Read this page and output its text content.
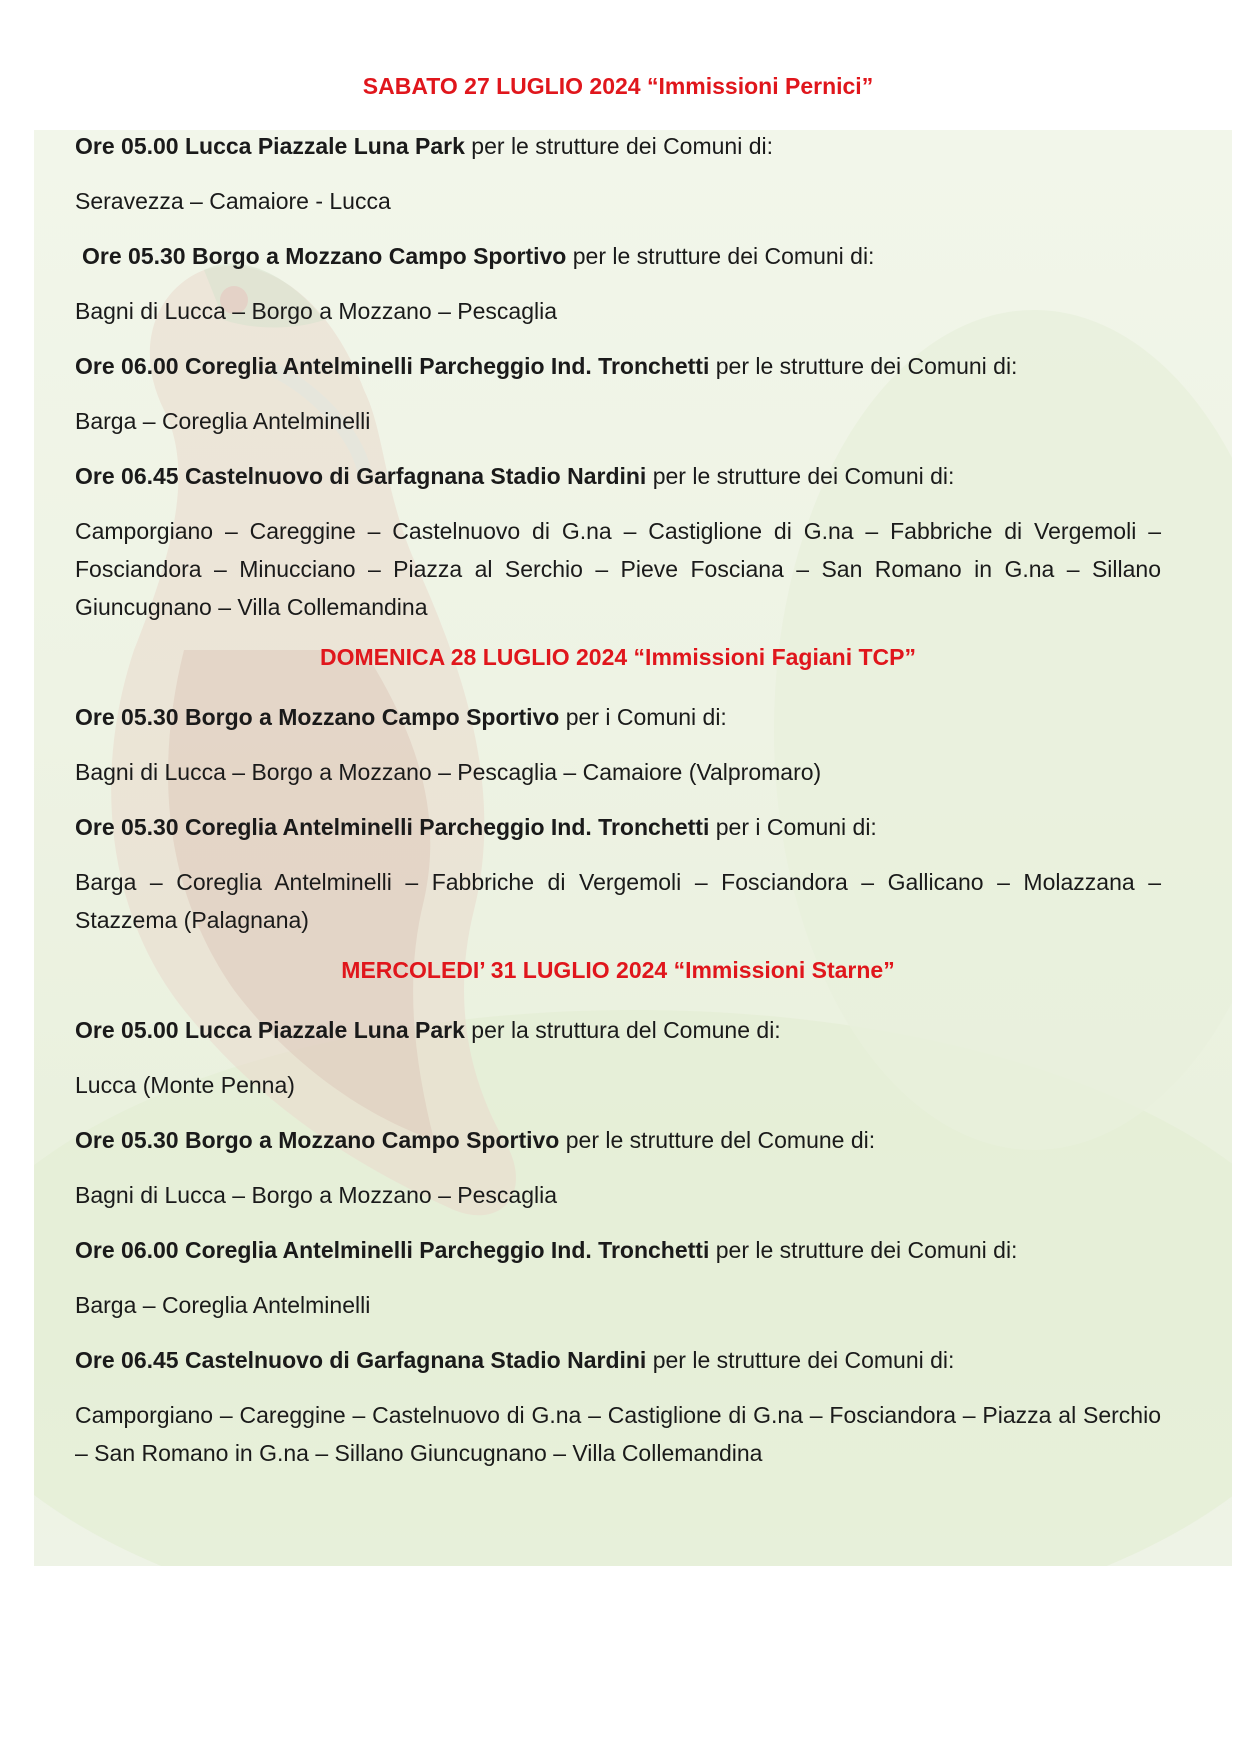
SABATO 27 LUGLIO 2024 “Immissioni Pernici”

Ore 05.00 Lucca Piazzale Luna Park per le strutture dei Comuni di:

Seravezza – Camaiore - Lucca

Ore 05.30 Borgo a Mozzano Campo Sportivo per le strutture dei Comuni di:

Bagni di Lucca – Borgo a Mozzano – Pescaglia

Ore 06.00 Coreglia Antelminelli Parcheggio Ind. Tronchetti per le strutture dei Comuni di:

Barga – Coreglia Antelminelli

Ore 06.45 Castelnuovo di Garfagnana Stadio Nardini per le strutture dei Comuni di:

Camporgiano – Careggine – Castelnuovo di G.na – Castiglione di G.na – Fabbriche di Vergemoli – Fosciandora – Minucciano – Piazza al Serchio – Pieve Fosciana – San Romano in G.na – Sillano Giuncugnano – Villa Collemandina

DOMENICA 28 LUGLIO 2024 “Immissioni Fagiani TCP”

Ore 05.30 Borgo a Mozzano Campo Sportivo per i Comuni di:

Bagni di Lucca – Borgo a Mozzano – Pescaglia – Camaiore (Valpromaro)

Ore 05.30 Coreglia Antelminelli Parcheggio Ind. Tronchetti per i Comuni di:

Barga – Coreglia Antelminelli – Fabbriche di Vergemoli – Fosciandora – Gallicano – Molazzana – Stazzema (Palagnana)

MERCOLEDI’ 31 LUGLIO 2024 “Immissioni Starne”

Ore 05.00 Lucca Piazzale Luna Park per la struttura del Comune di:

Lucca (Monte Penna)

Ore 05.30 Borgo a Mozzano Campo Sportivo per le strutture del Comune di:

Bagni di Lucca – Borgo a Mozzano – Pescaglia

Ore 06.00 Coreglia Antelminelli Parcheggio Ind. Tronchetti per le strutture dei Comuni di:

Barga – Coreglia Antelminelli

Ore 06.45 Castelnuovo di Garfagnana Stadio Nardini per le strutture dei Comuni di:

Camporgiano – Careggine – Castelnuovo di G.na – Castiglione di G.na – Fosciandora – Piazza al Serchio – San Romano in G.na – Sillano Giuncugnano – Villa Collemandina
